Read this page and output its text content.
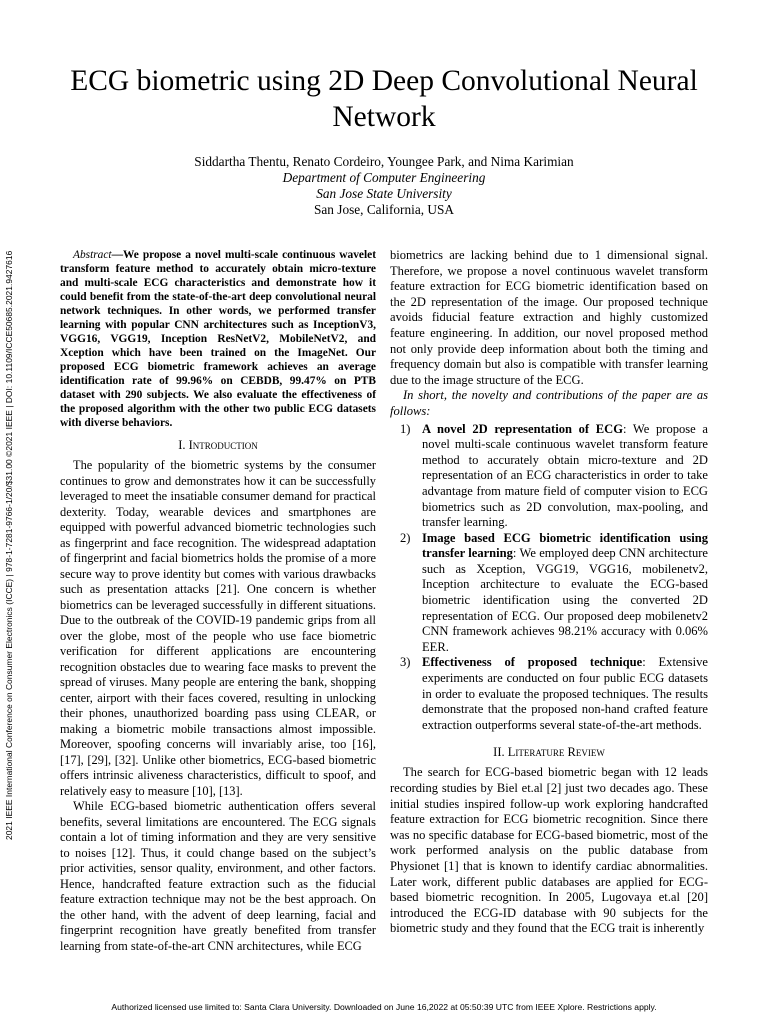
2021 IEEE International Conference on Consumer Electronics (ICCE) | 978-1-7281-9766-1/20/$31.00 ©2021 IEEE | DOI: 10.1109/ICCE50685.2021.9427616
ECG biometric using 2D Deep Convolutional Neural Network
Siddartha Thentu, Renato Cordeiro, Youngee Park, and Nima Karimian
Department of Computer Engineering
San Jose State University
San Jose, California, USA

Abstract—We propose a novel multi-scale continuous wavelet transform feature method to accurately obtain micro-texture and multi-scale ECG characteristics and demonstrate how it could benefit from the state-of-the-art deep convolutional neural network techniques. In other words, we performed transfer learning with popular CNN architectures such as InceptionV3, VGG16, VGG19, Inception ResNetV2, MobileNetV2, and Xception which have been trained on the ImageNet. Our proposed ECG biometric framework achieves an average identification rate of 99.96% on CEBDB, 99.47% on PTB dataset with 290 subjects. We also evaluate the effectiveness of the proposed algorithm with the other two public ECG datasets with diverse behaviors.

I. Introduction

The popularity of the biometric systems by the consumer continues to grow and demonstrates how it can be successfully leveraged to meet the insatiable consumer demand for practical dexterity. Today, wearable devices and smartphones are equipped with powerful advanced biometric technologies such as fingerprint and face recognition. The widespread adaptation of fingerprint and facial biometrics holds the promise of a more secure way to prove identity but comes with various drawbacks such as presentation attacks [21]. One concern is whether biometrics can be leveraged successfully in different situations. Due to the outbreak of the COVID-19 pandemic grips from all over the globe, most of the people who use face biometric verification for different applications are encountering recognition obstacles due to wearing face masks to prevent the spread of viruses. Many people are entering the bank, shopping center, airport with their faces covered, resulting in unlocking their phones, unauthorized boarding pass using CLEAR, or making a biometric mobile transactions almost impossible. Moreover, spoofing concerns will invariably arise, too [16], [17], [29], [32]. Unlike other biometrics, ECG-based biometric offers intrinsic aliveness characteristics, difficult to spoof, and relatively easy to measure [10], [13].

While ECG-based biometric authentication offers several benefits, several limitations are encountered. The ECG signals contain a lot of timing information and they are very sensitive to noises [12]. Thus, it could change based on the subject’s prior activities, sensor quality, environment, and other factors. Hence, handcrafted feature extraction such as the fiducial feature extraction technique may not be the best approach. On the other hand, with the advent of deep learning, facial and fingerprint recognition have greatly benefited from transfer learning from state-of-the-art CNN architectures, while ECG

biometrics are lacking behind due to 1 dimensional signal. Therefore, we propose a novel continuous wavelet transform feature extraction for ECG biometric identification based on the 2D representation of the image. Our proposed technique avoids fiducial feature extraction and highly customized feature engineering. In addition, our novel proposed method not only provide deep information about both the timing and frequency domain but also is compatible with transfer learning due to the image structure of the ECG.

In short, the novelty and contributions of the paper are as follows:

1) A novel 2D representation of ECG: We propose a novel multi-scale continuous wavelet transform feature method to accurately obtain micro-texture and 2D representation of an ECG characteristics in order to take advantage from mature field of computer vision to ECG biometrics such as 2D convolution, max-pooling, and transfer learning.
2) Image based ECG biometric identification using transfer learning: We employed deep CNN architecture such as Xception, VGG19, VGG16, mobilenetv2, Inception architecture to evaluate the ECG-based biometric identification using the converted 2D representation of ECG. Our proposed deep mobilenetv2 CNN framework achieves 98.21% accuracy with 0.06% EER.
3) Effectiveness of proposed technique: Extensive experiments are conducted on four public ECG datasets in order to evaluate the proposed techniques. The results demonstrate that the proposed non-hand crafted feature extraction outperforms several state-of-the-art methods.
II. Literature Review

The search for ECG-based biometric began with 12 leads recording studies by Biel et.al [2] just two decades ago. These initial studies inspired follow-up work exploring handcrafted feature extraction for ECG biometric recognition. Since there was no specific database for ECG-based biometric, most of the work performed analysis on the public database from Physionet [1] that is known to identify cardiac abnormalities. Later work, different public databases are applied for ECG-based biometric recognition. In 2005, Lugovaya et.al [20] introduced the ECG-ID database with 90 subjects for the biometric study and they found that the ECG trait is inherently

Authorized licensed use limited to: Santa Clara University. Downloaded on June 16,2022 at 05:50:39 UTC from IEEE Xplore. Restrictions apply.
